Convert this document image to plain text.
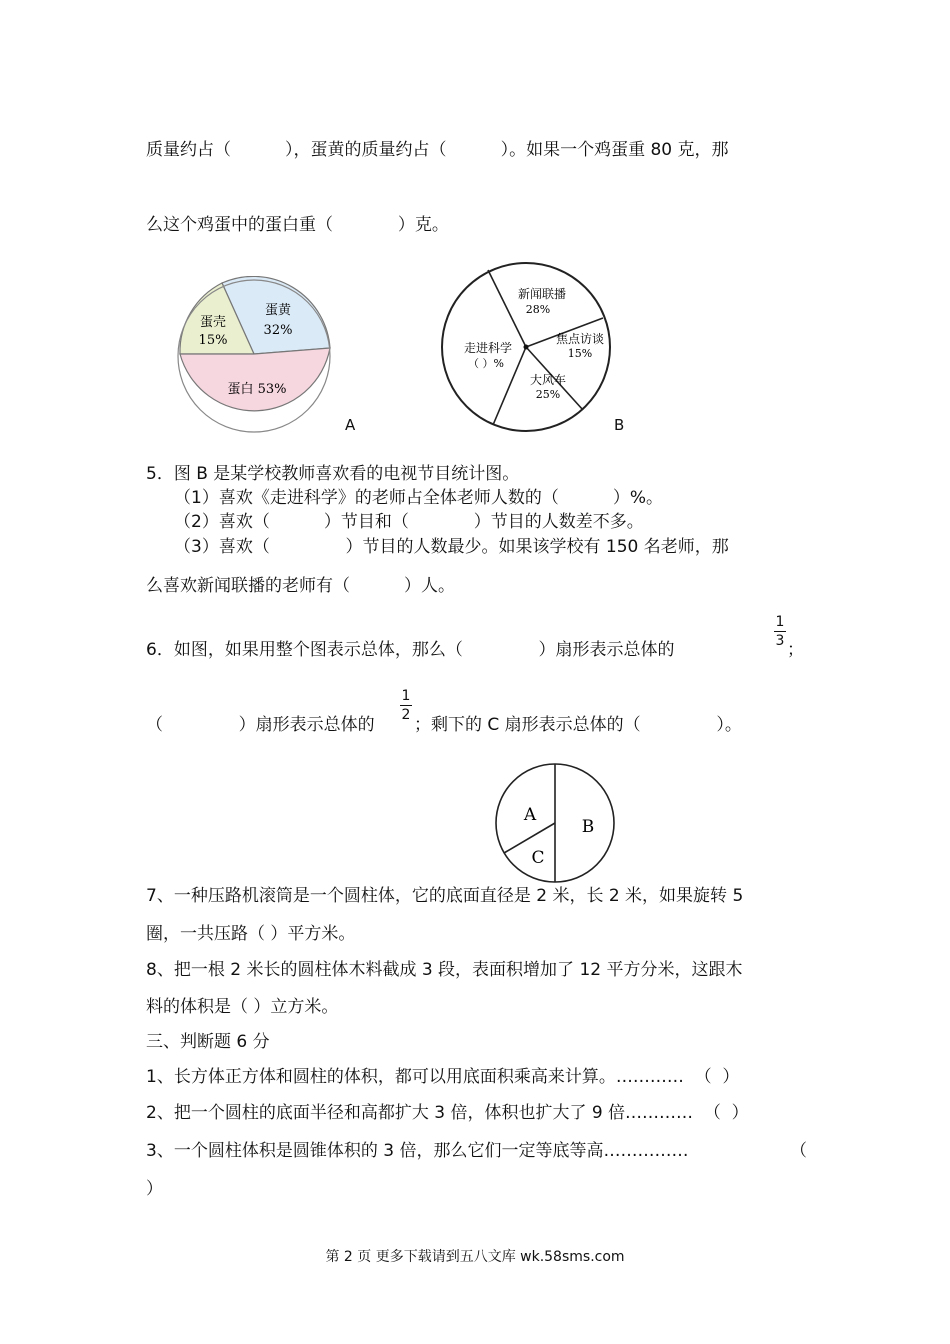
质量约占（          ），蛋黄的质量约占（          ）。如果一个鸡蛋重 80 克，那
么这个鸡蛋中的蛋白重（            ）克。
蛋黄
32%
蛋壳
15%
蛋白 53%
A
新闻联播
28%
焦点访谈
15%
大风车
25%
走进科学
（ ）%
B
5．图 B 是某学校教师喜欢看的电视节目统计图。
（1）喜欢《走进科学》的老师占全体老师人数的（          ）%。
（2）喜欢（          ）节目和（            ）节目的人数差不多。
（3）喜欢（              ）节目的人数最少。如果该学校有 150 名老师，那
么喜欢新闻联播的老师有（          ）人。
6．如图，如果用整个图表示总体，那么（              ）扇形表示总体的
1
3 ；
（              ）扇形表示总体的
1
2 ；剩下的 C 扇形表示总体的（              ）。
A
B
C
7、一种压路机滚筒是一个圆柱体，它的底面直径是 2 米，长 2 米，如果旋转 5
圈，一共压路（ ）平方米。
8、把一根 2 米长的圆柱体木料截成 3 段，表面积增加了 12 平方分米，这跟木
料的体积是（ ）立方米。
三、判断题 6 分
1、长方体正方体和圆柱的体积，都可以用底面积乘高来计算。…………  （  ）
2、把一个圆柱的底面半径和高都扩大 3 倍，体积也扩大了 9 倍…………  （  ）
3、一个圆柱体积是圆锥体积的 3 倍，那么它们一定等底等高……………	（
）
第 2 页 更多下载请到五八文库 wk.58sms.com
